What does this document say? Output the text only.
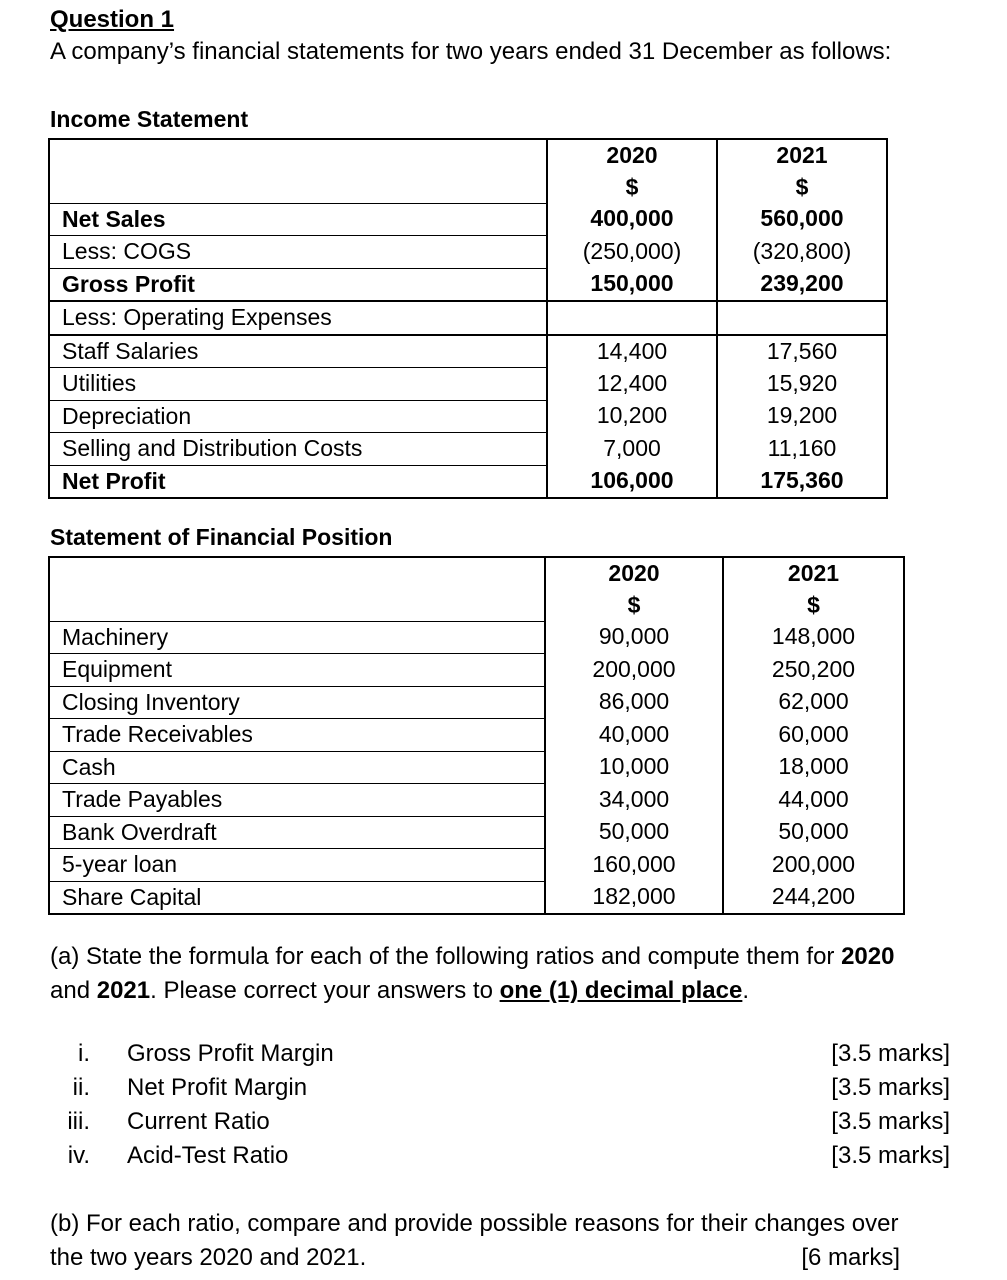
Question 1
A company’s financial statements for two years ended 31 December as follows:
Income Statement
	2020	2021
	$	$
Net Sales	400,000	560,000
Less: COGS	(250,000)	(320,800)
Gross Profit	150,000	239,200
Less: Operating Expenses		
Staff Salaries	14,400	17,560
Utilities	12,400	15,920
Depreciation	10,200	19,200
Selling and Distribution Costs	7,000	11,160
Net Profit	106,000	175,360
Statement of Financial Position
	2020	2021
	$	$
Machinery	90,000	148,000
Equipment	200,000	250,200
Closing Inventory	86,000	62,000
Trade Receivables	40,000	60,000
Cash	10,000	18,000
Trade Payables	34,000	44,000
Bank Overdraft	50,000	50,000
5-year loan	160,000	200,000
Share Capital	182,000	244,200
(a) State the formula for each of the following ratios and compute them for 2020
and 2021. Please correct your answers to one (1) decimal place.
i. Gross Profit Margin	[3.5 marks]
ii. Net Profit Margin	[3.5 marks]
iii. Current Ratio	[3.5 marks]
iv. Acid-Test Ratio	[3.5 marks]
(b) For each ratio, compare and provide possible reasons for their changes over
the two years 2020 and 2021.	[6 marks]
